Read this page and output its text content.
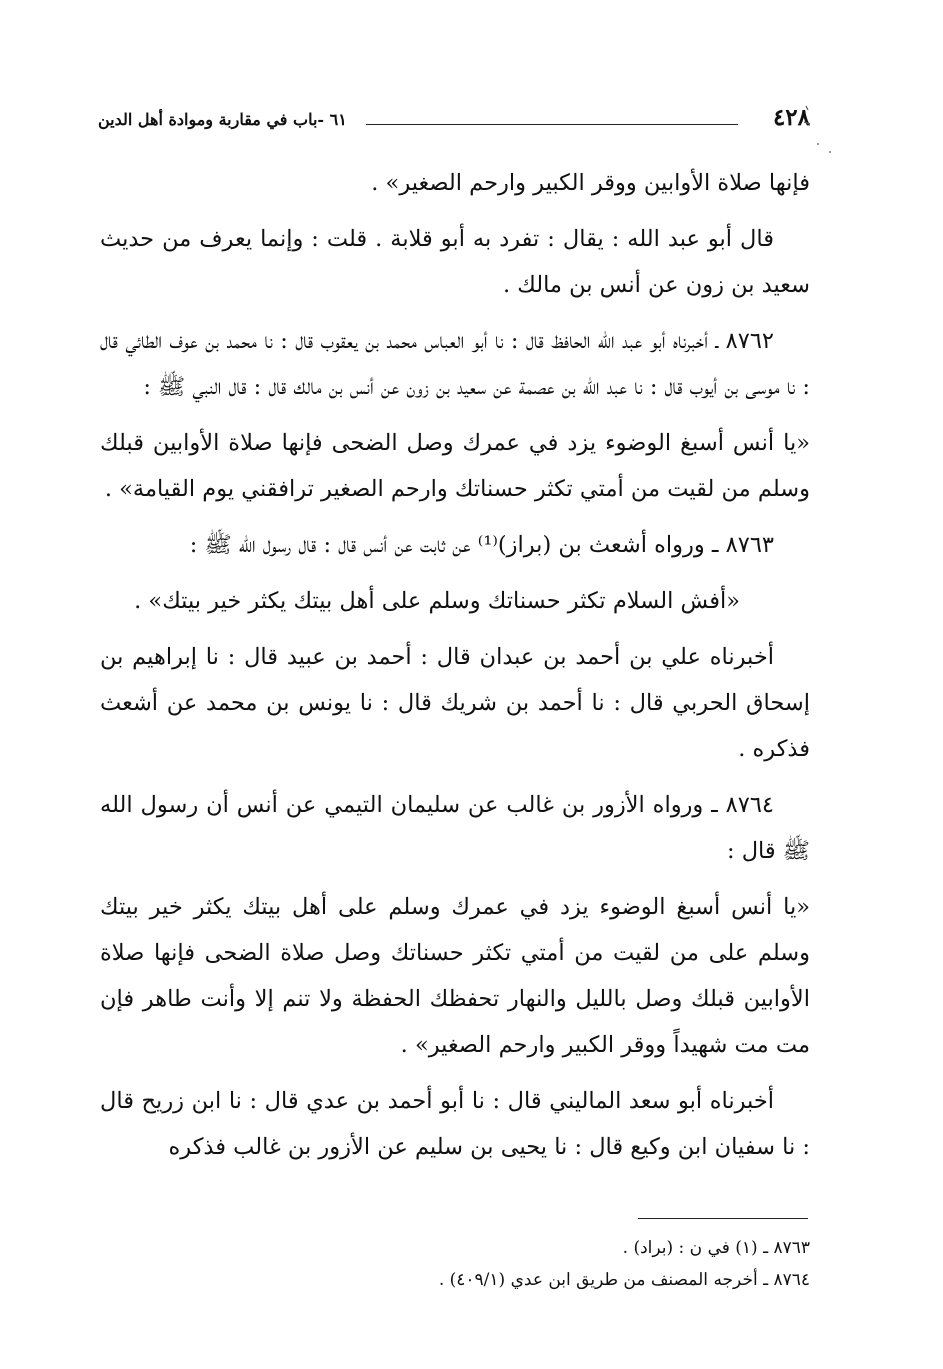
٤٢٨
٦١ -باب في مقاربة وموادة أهل الدين

فإنها صلاة الأوابين ووقر الكبير وارحم الصغير» .

قال أبو عبد الله : يقال : تفرد به أبو قلابة . قلت : وإنما يعرف من حديث سعيد بن زون عن أنس بن مالك .

٨٧٦٢ ـ أخبرناه أبو عبد الله الحافظ قال : نا أبو العباس محمد بن يعقوب قال : نا محمد بن عوف الطائي قال : نا موسى بن أيوب قال : نا عبد الله بن عصمة عن سعيد بن زون عن أنس بن مالك قال : قال النبي ﷺ :

«يا أنس أسبغ الوضوء يزد في عمرك وصل الضحى فإنها صلاة الأوابين قبلك وسلم من لقيت من أمتي تكثر حسناتك وارحم الصغير ترافقني يوم القيامة» .

٨٧٦٣ ـ ورواه أشعث بن (براز)⁽¹⁾ عن ثابت عن أنس قال : قال رسول الله ﷺ :

«أفش السلام تكثر حسناتك وسلم على أهل بيتك يكثر خير بيتك» .

أخبرناه علي بن أحمد بن عبدان قال : أحمد بن عبيد قال : نا إبراهيم بن إسحاق الحربي قال : نا أحمد بن شريك قال : نا يونس بن محمد عن أشعث فذكره .

٨٧٦٤ ـ ورواه الأزور بن غالب عن سليمان التيمي عن أنس أن رسول الله ﷺ قال :

«يا أنس أسبغ الوضوء يزد في عمرك وسلم على أهل بيتك يكثر خير بيتك وسلم على من لقيت من أمتي تكثر حسناتك وصل صلاة الضحى فإنها صلاة الأوابين قبلك وصل بالليل والنهار تحفظك الحفظة ولا تنم إلا وأنت طاهر فإن مت مت شهيداً ووقر الكبير وارحم الصغير» .

أخبرناه أبو سعد الماليني قال : نا أبو أحمد بن عدي قال : نا ابن زريح قال : نا سفيان ابن وكيع قال : نا يحيى بن سليم عن الأزور بن غالب فذكره

٨٧٦٣ ـ (١) في ن : (براد) .
٨٧٦٤ ـ أخرجه المصنف من طريق ابن عدي (٤٠٩/١) .
